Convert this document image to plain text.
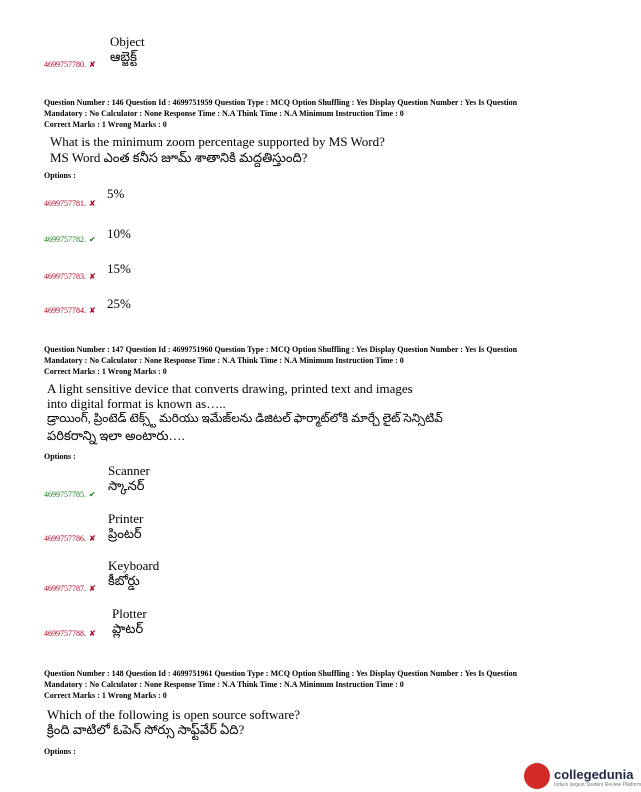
Object
ఆబ్జెక్ట్
4699757780. ✘
Question Number : 146 Question Id : 4699751959 Question Type : MCQ Option Shuffling : Yes Display Question Number : Yes Is Question
Mandatory : No Calculator : None Response Time : N.A Think Time : N.A Minimum Instruction Time : 0
Correct Marks : 1 Wrong Marks : 0
What is the minimum zoom percentage supported by MS Word?
MS Word ఎంత కనీస జూమ్ శాతానికి మద్దతిస్తుంది?
Options :
5%
4699757781. ✘
10%
4699757782. ✔
15%
4699757783. ✘
25%
4699757784. ✘
Question Number : 147 Question Id : 4699751960 Question Type : MCQ Option Shuffling : Yes Display Question Number : Yes Is Question
Mandatory : No Calculator : None Response Time : N.A Think Time : N.A Minimum Instruction Time : 0
Correct Marks : 1 Wrong Marks : 0
A light sensitive device that converts drawing, printed text and images
into digital format is known as…..
డ్రాయింగ్, ప్రింటెడ్ టెక్స్ట్ మరియు ఇమేజ్‌లను డిజిటల్ ఫార్మాట్‌లోకి మార్చే లైట్ సెన్సిటివ్
పరికరాన్ని ఇలా అంటారు….
Options :
Scanner
స్కానర్
4699757785. ✔
Printer
ప్రింటర్
4699757786. ✘
Keyboard
కీబోర్డు
4699757787. ✘
Plotter
ప్లాటర్
4699757788. ✘
Question Number : 148 Question Id : 4699751961 Question Type : MCQ Option Shuffling : Yes Display Question Number : Yes Is Question
Mandatory : No Calculator : None Response Time : N.A Think Time : N.A Minimum Instruction Time : 0
Correct Marks : 1 Wrong Marks : 0
Which of the following is open source software?
క్రింది వాటిలో ఓపెన్ సోర్సు సాఫ్ట్‌వేర్ ఏది?
Options :
collegedunia
India's largest Student Review Platform
